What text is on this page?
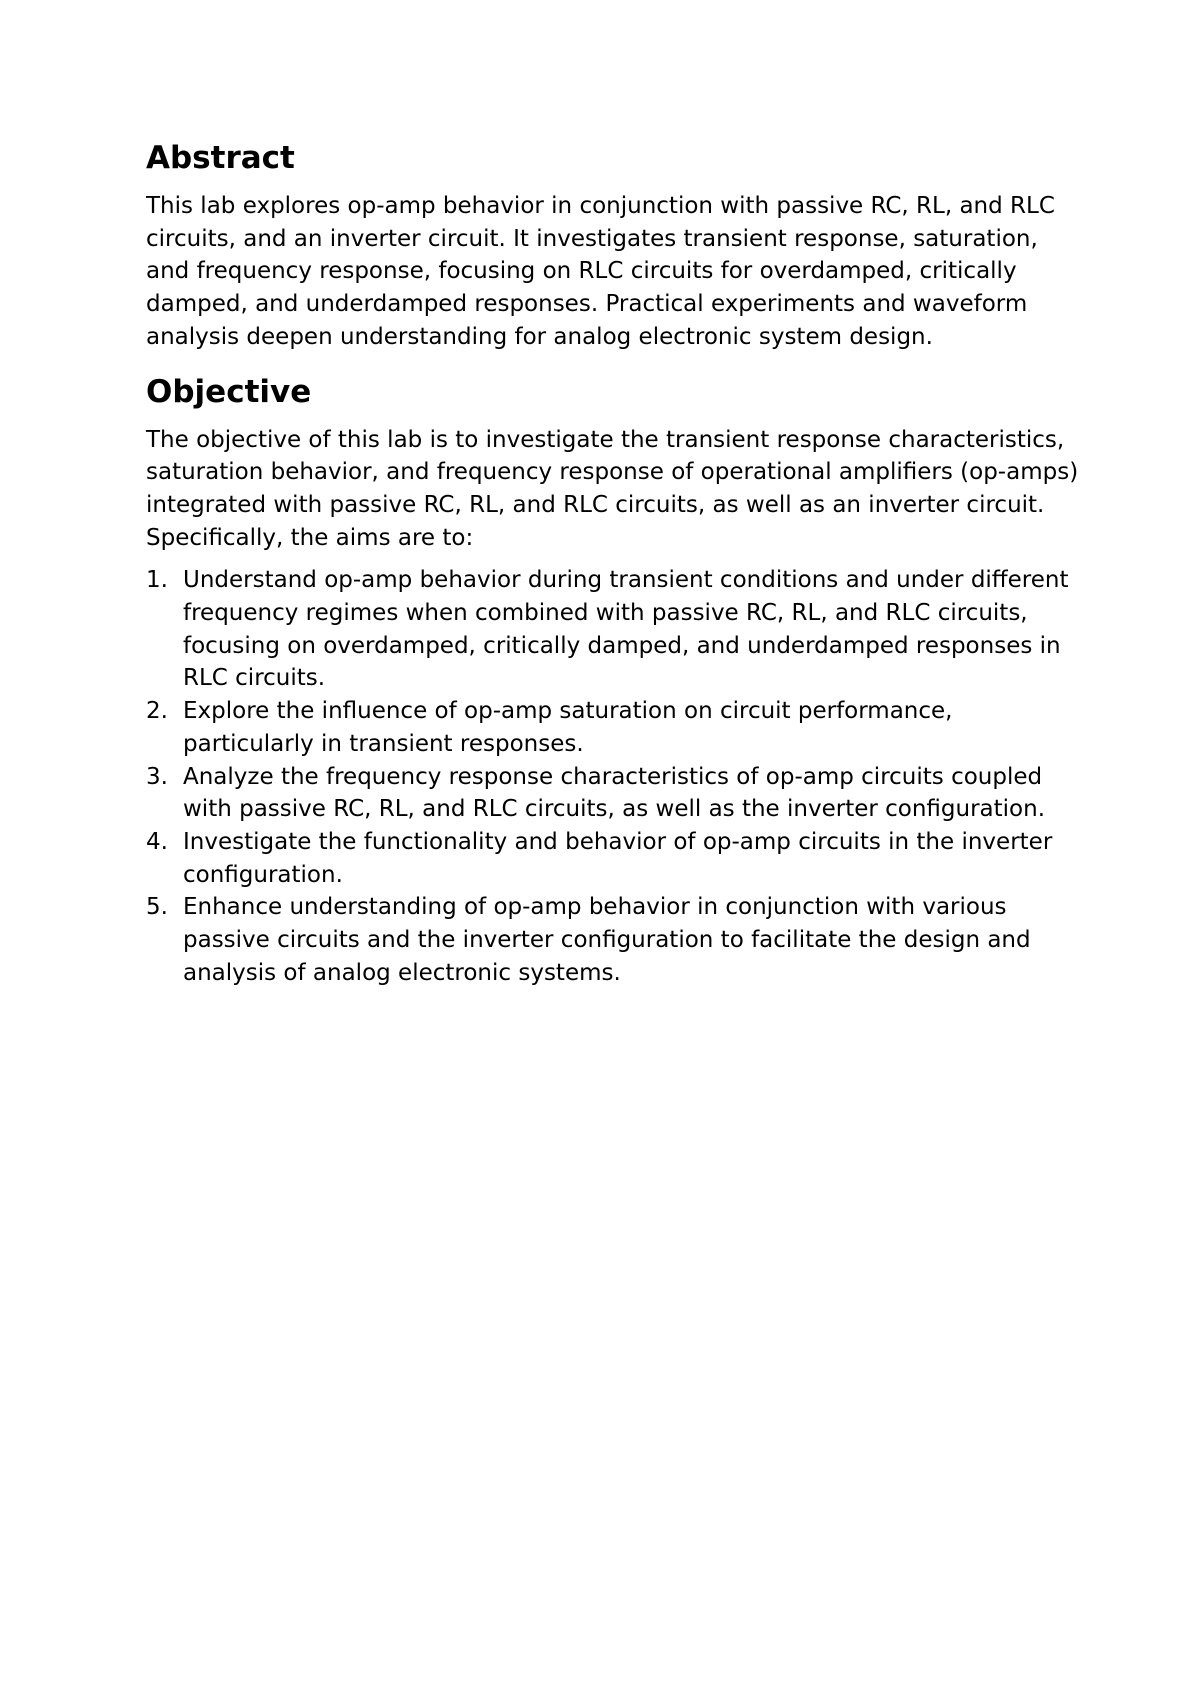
Abstract

This lab explores op-amp behavior in conjunction with passive RC, RL, and RLC circuits, and an inverter circuit. It investigates transient response, saturation, and frequency response, focusing on RLC circuits for overdamped, critically damped, and underdamped responses. Practical experiments and waveform analysis deepen understanding for analog electronic system design.

Objective

The objective of this lab is to investigate the transient response characteristics, saturation behavior, and frequency response of operational amplifiers (op-amps) integrated with passive RC, RL, and RLC circuits, as well as an inverter circuit. Specifically, the aims are to:

1. Understand op-amp behavior during transient conditions and under different frequency regimes when combined with passive RC, RL, and RLC circuits, focusing on overdamped, critically damped, and underdamped responses in RLC circuits.
2. Explore the influence of op-amp saturation on circuit performance, particularly in transient responses.
3. Analyze the frequency response characteristics of op-amp circuits coupled with passive RC, RL, and RLC circuits, as well as the inverter configuration.
4. Investigate the functionality and behavior of op-amp circuits in the inverter configuration.
5. Enhance understanding of op-amp behavior in conjunction with various passive circuits and the inverter configuration to facilitate the design and analysis of analog electronic systems.
